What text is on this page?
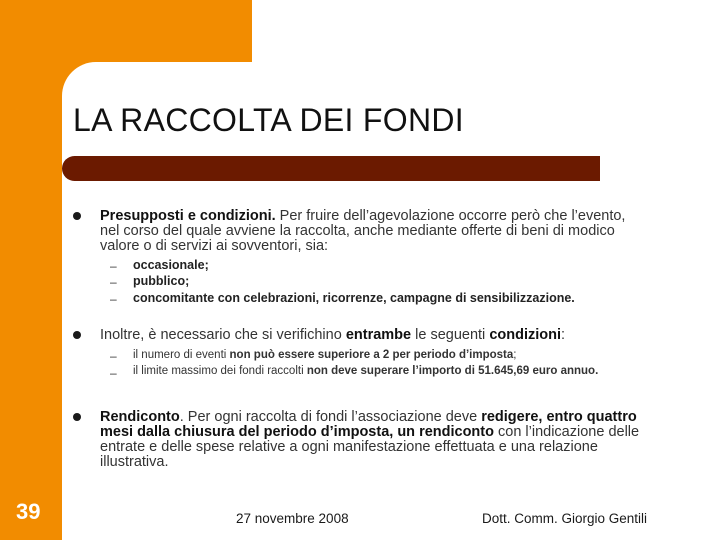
LA RACCOLTA DEI FONDI

Presupposti e condizioni. Per fruire dell’agevolazione occorre però che l’evento, nel corso del quale avviene la raccolta, anche mediante offerte di beni di modico valore o di servizi ai sovventori, sia:

– occasionale;

– pubblico;

– concomitante con celebrazioni, ricorrenze, campagne di sensibilizzazione.

Inoltre, è necessario che si verifichino entrambe le seguenti condizioni:

– il numero di eventi non può essere superiore a 2 per periodo d’imposta;

– il limite massimo dei fondi raccolti non deve superare l’importo di 51.645,69 euro annuo.

Rendiconto. Per ogni raccolta di fondi l’associazione deve redigere, entro quattro mesi dalla chiusura del periodo d’imposta, un rendiconto con l’indicazione delle entrate e delle spese relative a ogni manifestazione effettuata e una relazione illustrativa.

39	27 novembre 2008	Dott. Comm. Giorgio Gentili
